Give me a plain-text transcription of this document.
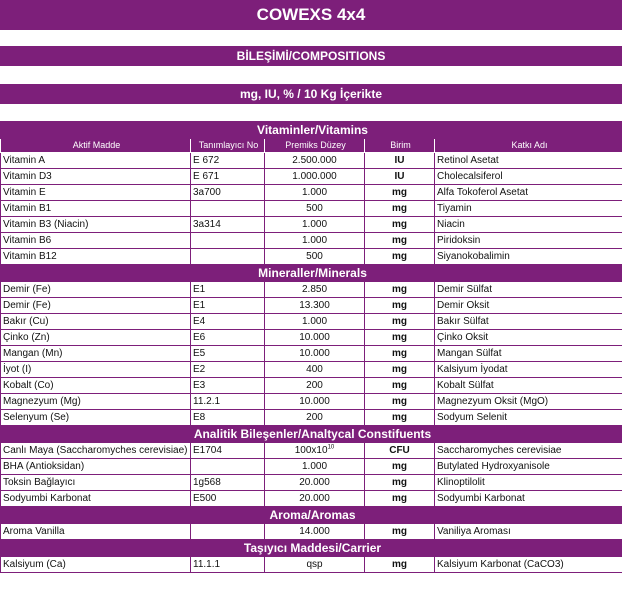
COWEXS 4x4
BİLEŞİMİ/COMPOSITIONS
mg, IU, % / 10 Kg İçerikte
Vitaminler/Vitamins				
Aktif Madde	Tanımlayıcı No	Premiks Düzey	Birim	Katkı Adı
Vitamin A	E 672	2.500.000	IU	Retinol Asetat
Vitamin D3	E 671	1.000.000	IU	Cholecalsiferol
Vitamin E	3a700	1.000	mg	Alfa Tokoferol Asetat
Vitamin B1		500	mg	Tiyamin
Vitamin B3 (Niacin)	3a314	1.000	mg	Niacin
Vitamin B6		1.000	mg	Piridoksin
Vitamin B12		500	mg	Siyanokobalimin
Mineraller/Minerals				
Demir (Fe)	E1	2.850	mg	Demir Sülfat
Demir (Fe)	E1	13.300	mg	Demir Oksit
Bakır (Cu)	E4	1.000	mg	Bakır Sülfat
Çinko (Zn)	E6	10.000	mg	Çinko Oksit
Mangan (Mn)	E5	10.000	mg	Mangan Sülfat
İyot (I)	E2	400	mg	Kalsiyum İyodat
Kobalt (Co)	E3	200	mg	Kobalt Sülfat
Magnezyum (Mg)	11.2.1	10.000	mg	Magnezyum Oksit (MgO)
Selenyum (Se)	E8	200	mg	Sodyum Selenit
Analitik Bileşenler/Analtycal Constifuents				
Canlı Maya (Saccharomyches cerevisiae)	E1704	$100x10^{10}$	CFU	Saccharomyches cerevisiae
BHA (Antioksidan)		1.000	mg	Butylated Hydroxyanisole
Toksin Bağlayıcı	1g568	20.000	mg	Klinoptilolit
Sodyumbi Karbonat	E500	20.000	mg	Sodyumbi Karbonat
Aroma/Aromas				
Aroma Vanilla		14.000	mg	Vaniliya Aroması
Taşıyıcı Maddesi/Carrier				
Kalsiyum (Ca)	11.1.1	qsp	mg	Kalsiyum Karbonat (CaCO3)
